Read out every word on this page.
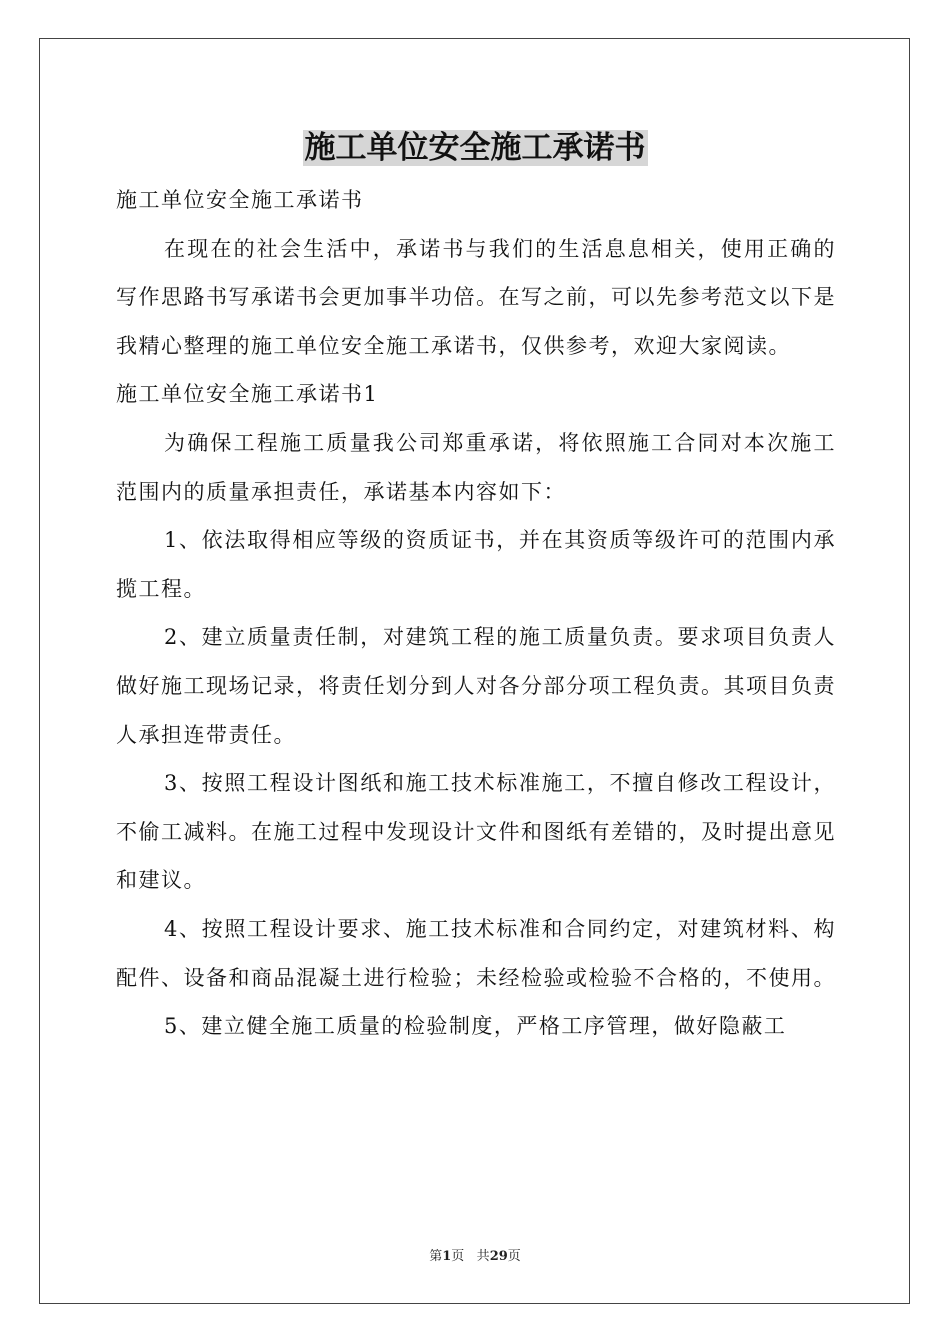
施工单位安全施工承诺书

施工单位安全施工承诺书

在现在的社会生活中，承诺书与我们的生活息息相关，使用正确的写作思路书写承诺书会更加事半功倍。在写之前，可以先参考范文以下是我精心整理的施工单位安全施工承诺书，仅供参考，欢迎大家阅读。

施工单位安全施工承诺书1

为确保工程施工质量我公司郑重承诺，将依照施工合同对本次施工范围内的质量承担责任，承诺基本内容如下：

1、依法取得相应等级的资质证书，并在其资质等级许可的范围内承揽工程。

2、建立质量责任制，对建筑工程的施工质量负责。要求项目负责人做好施工现场记录，将责任划分到人对各分部分项工程负责。其项目负责人承担连带责任。

3、按照工程设计图纸和施工技术标准施工，不擅自修改工程设计，不偷工减料。在施工过程中发现设计文件和图纸有差错的，及时提出意见和建议。

4、按照工程设计要求、施工技术标准和合同约定，对建筑材料、构配件、设备和商品混凝土进行检验；未经检验或检验不合格的，不使用。

5、建立健全施工质量的检验制度，严格工序管理，做好隐蔽工

第1页 共29页
